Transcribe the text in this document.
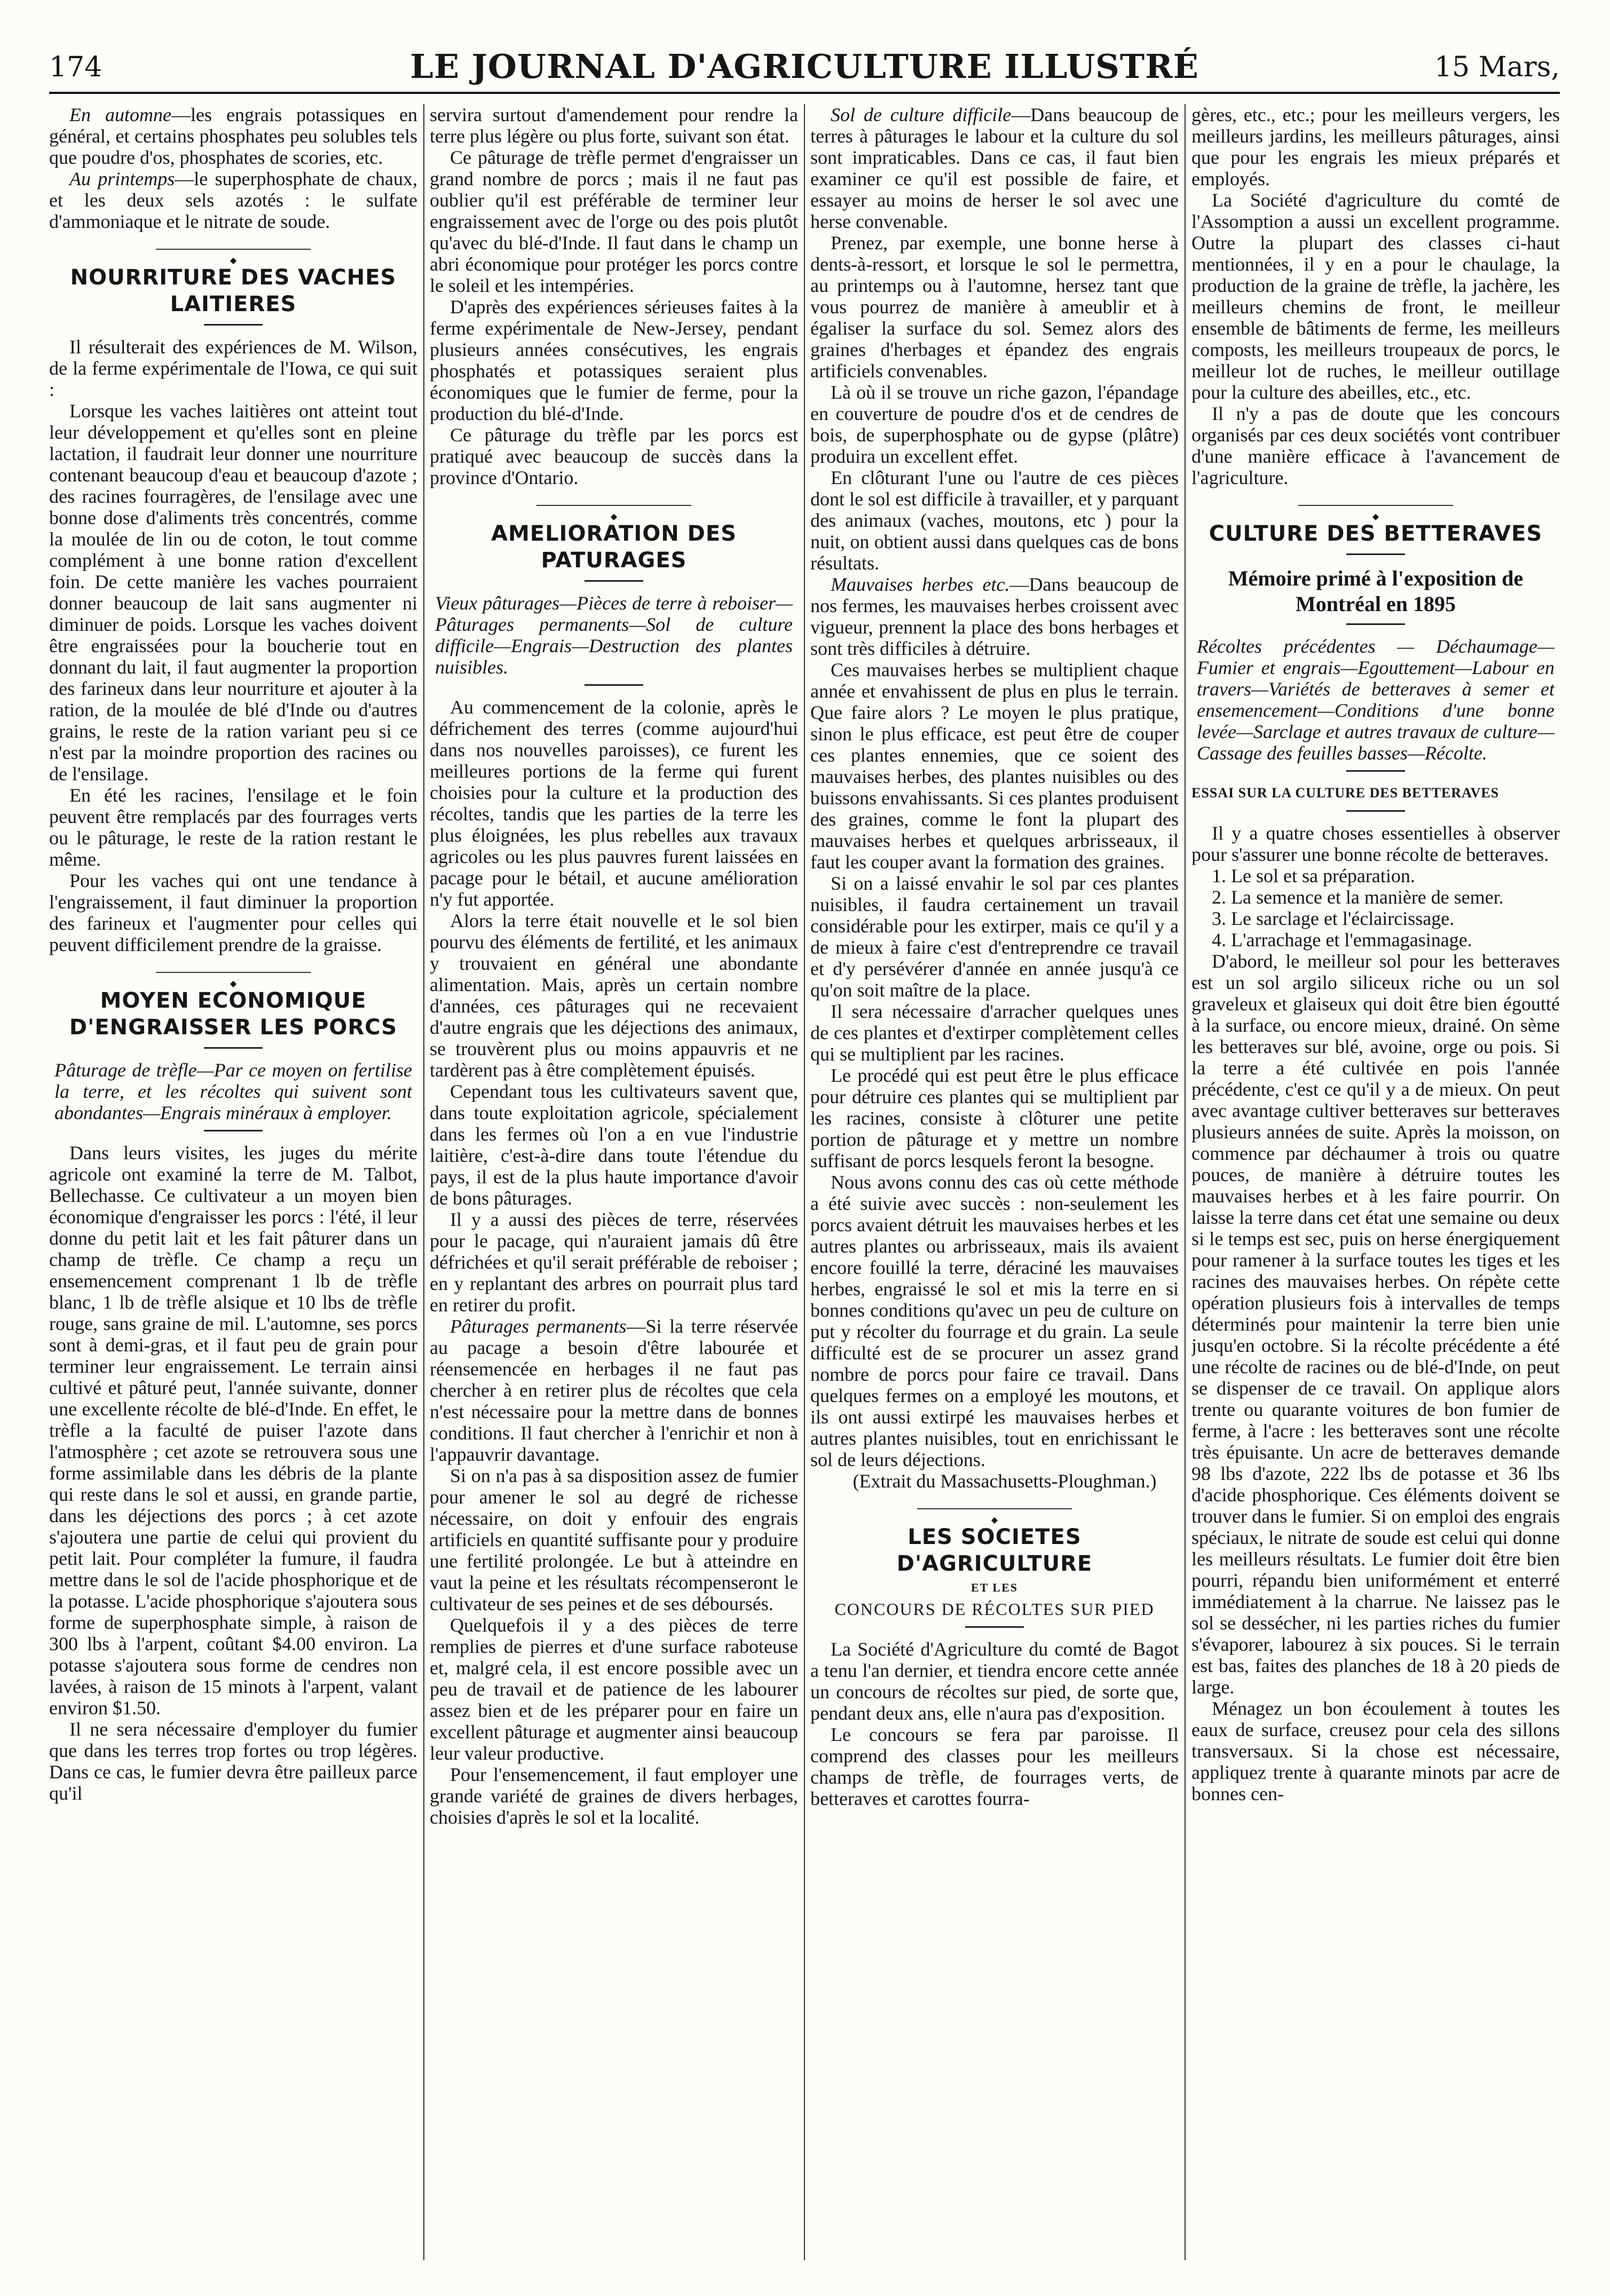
174	LE JOURNAL D'AGRICULTURE ILLUSTRÉ	15 Mars,

En automne—les engrais potassiques en général, et certains phosphates peu solubles tels que poudre d'os, phosphates de scories, etc.

Au printemps—le superphosphate de chaux, et les deux sels azotés : le sulfate d'ammoniaque et le nitrate de soude.

◆
NOURRITURE DES VACHES LAITIERES

Il résulterait des expériences de M. Wilson, de la ferme expérimentale de l'Iowa, ce qui suit :

Lorsque les vaches laitières ont atteint tout leur développement et qu'elles sont en pleine lactation, il faudrait leur donner une nourriture contenant beaucoup d'eau et beaucoup d'azote ; des racines fourragères, de l'ensilage avec une bonne dose d'aliments très concentrés, comme la moulée de lin ou de coton, le tout comme complément à une bonne ration d'excellent foin. De cette manière les vaches pourraient donner beaucoup de lait sans augmenter ni diminuer de poids. Lorsque les vaches doivent être engraissées pour la boucherie tout en donnant du lait, il faut augmenter la proportion des farineux dans leur nourriture et ajouter à la ration, de la moulée de blé d'Inde ou d'autres grains, le reste de la ration variant peu si ce n'est par la moindre proportion des racines ou de l'ensilage.

En été les racines, l'ensilage et le foin peuvent être remplacés par des fourrages verts ou le pâturage, le reste de la ration restant le même.

Pour les vaches qui ont une tendance à l'engraissement, il faut diminuer la proportion des farineux et l'augmenter pour celles qui peuvent difficilement prendre de la graisse.

◆
MOYEN ECONOMIQUE D'ENGRAISSER LES PORCS

Pâturage de trèfle—Par ce moyen on fertilise la terre, et les récoltes qui suivent sont abondantes—Engrais minéraux à employer.

Dans leurs visites, les juges du mérite agricole ont examiné la terre de M. Talbot, Bellechasse. Ce cultivateur a un moyen bien économique d'engraisser les porcs : l'été, il leur donne du petit lait et les fait pâturer dans un champ de trèfle. Ce champ a reçu un ensemencement comprenant 1 lb de trèfle blanc, 1 lb de trèfle alsique et 10 lbs de trèfle rouge, sans graine de mil. L'automne, ses porcs sont à demi-gras, et il faut peu de grain pour terminer leur engraissement. Le terrain ainsi cultivé et pâturé peut, l'année suivante, donner une excellente récolte de blé-d'Inde. En effet, le trèfle a la faculté de puiser l'azote dans l'atmosphère ; cet azote se retrouvera sous une forme assimilable dans les débris de la plante qui reste dans le sol et aussi, en grande partie, dans les déjections des porcs ; à cet azote s'ajoutera une partie de celui qui provient du petit lait. Pour compléter la fumure, il faudra mettre dans le sol de l'acide phosphorique et de la potasse. L'acide phosphorique s'ajoutera sous forme de superphosphate simple, à raison de 300 lbs à l'arpent, coûtant $4.00 environ. La potasse s'ajoutera sous forme de cendres non lavées, à raison de 15 minots à l'arpent, valant environ $1.50.

Il ne sera nécessaire d'employer du fumier que dans les terres trop fortes ou trop légères. Dans ce cas, le fumier devra être pailleux parce qu'il

servira surtout d'amendement pour rendre la terre plus légère ou plus forte, suivant son état.

Ce pâturage de trèfle permet d'engraisser un grand nombre de porcs ; mais il ne faut pas oublier qu'il est préférable de terminer leur engraissement avec de l'orge ou des pois plutôt qu'avec du blé-d'Inde. Il faut dans le champ un abri économique pour protéger les porcs contre le soleil et les intempéries.

D'après des expériences sérieuses faites à la ferme expérimentale de New-Jersey, pendant plusieurs années consécutives, les engrais phosphatés et potassiques seraient plus économiques que le fumier de ferme, pour la production du blé-d'Inde.

Ce pâturage du trèfle par les porcs est pratiqué avec beaucoup de succès dans la province d'Ontario.

◆
AMELIORATION DES PATURAGES

Vieux pâturages—Pièces de terre à reboiser—Pâturages permanents—Sol de culture difficile—Engrais—Destruction des plantes nuisibles.

Au commencement de la colonie, après le défrichement des terres (comme aujourd'hui dans nos nouvelles paroisses), ce furent les meilleures portions de la ferme qui furent choisies pour la culture et la production des récoltes, tandis que les parties de la terre les plus éloignées, les plus rebelles aux travaux agricoles ou les plus pauvres furent laissées en pacage pour le bétail, et aucune amélioration n'y fut apportée.

Alors la terre était nouvelle et le sol bien pourvu des éléments de fertilité, et les animaux y trouvaient en général une abondante alimentation. Mais, après un certain nombre d'années, ces pâturages qui ne recevaient d'autre engrais que les déjections des animaux, se trouvèrent plus ou moins appauvris et ne tardèrent pas à être complètement épuisés.

Cependant tous les cultivateurs savent que, dans toute exploitation agricole, spécialement dans les fermes où l'on a en vue l'industrie laitière, c'est-à-dire dans toute l'étendue du pays, il est de la plus haute importance d'avoir de bons pâturages.

Il y a aussi des pièces de terre, réservées pour le pacage, qui n'auraient jamais dû être défrichées et qu'il serait préférable de reboiser ; en y replantant des arbres on pourrait plus tard en retirer du profit.

Pâturages permanents—Si la terre réservée au pacage a besoin d'être labourée et réensemencée en herbages il ne faut pas chercher à en retirer plus de récoltes que cela n'est nécessaire pour la mettre dans de bonnes conditions. Il faut chercher à l'enrichir et non à l'appauvrir davantage.

Si on n'a pas à sa disposition assez de fumier pour amener le sol au degré de richesse nécessaire, on doit y enfouir des engrais artificiels en quantité suffisante pour y produire une fertilité prolongée. Le but à atteindre en vaut la peine et les résultats récompenseront le cultivateur de ses peines et de ses déboursés.

Quelquefois il y a des pièces de terre remplies de pierres et d'une surface raboteuse et, malgré cela, il est encore possible avec un peu de travail et de patience de les labourer assez bien et de les préparer pour en faire un excellent pâturage et augmenter ainsi beaucoup leur valeur productive.

Pour l'ensemencement, il faut employer une grande variété de graines de divers herbages, choisies d'après le sol et la localité.

Sol de culture difficile—Dans beaucoup de terres à pâturages le labour et la culture du sol sont impraticables. Dans ce cas, il faut bien examiner ce qu'il est possible de faire, et essayer au moins de herser le sol avec une herse convenable.

Prenez, par exemple, une bonne herse à dents-à-ressort, et lorsque le sol le permettra, au printemps ou à l'automne, hersez tant que vous pourrez de manière à ameublir et à égaliser la surface du sol. Semez alors des graines d'herbages et épandez des engrais artificiels convenables.

Là où il se trouve un riche gazon, l'épandage en couverture de poudre d'os et de cendres de bois, de superphosphate ou de gypse (plâtre) produira un excellent effet.

En clôturant l'une ou l'autre de ces pièces dont le sol est difficile à travailler, et y parquant des animaux (vaches, moutons, etc ) pour la nuit, on obtient aussi dans quelques cas de bons résultats.

Mauvaises herbes etc.—Dans beaucoup de nos fermes, les mauvaises herbes croissent avec vigueur, prennent la place des bons herbages et sont très difficiles à détruire.

Ces mauvaises herbes se multiplient chaque année et envahissent de plus en plus le terrain. Que faire alors ? Le moyen le plus pratique, sinon le plus efficace, est peut être de couper ces plantes ennemies, que ce soient des mauvaises herbes, des plantes nuisibles ou des buissons envahissants. Si ces plantes produisent des graines, comme le font la plupart des mauvaises herbes et quelques arbrisseaux, il faut les couper avant la formation des graines.

Si on a laissé envahir le sol par ces plantes nuisibles, il faudra certainement un travail considérable pour les extirper, mais ce qu'il y a de mieux à faire c'est d'entreprendre ce travail et d'y persévérer d'année en année jusqu'à ce qu'on soit maître de la place.

Il sera nécessaire d'arracher quelques unes de ces plantes et d'extirper complètement celles qui se multiplient par les racines.

Le procédé qui est peut être le plus efficace pour détruire ces plantes qui se multiplient par les racines, consiste à clôturer une petite portion de pâturage et y mettre un nombre suffisant de porcs lesquels feront la besogne.

Nous avons connu des cas où cette méthode a été suivie avec succès : non-seulement les porcs avaient détruit les mauvaises herbes et les autres plantes ou arbrisseaux, mais ils avaient encore fouillé la terre, déraciné les mauvaises herbes, engraissé le sol et mis la terre en si bonnes conditions qu'avec un peu de culture on put y récolter du fourrage et du grain. La seule difficulté est de se procurer un assez grand nombre de porcs pour faire ce travail. Dans quelques fermes on a employé les moutons, et ils ont aussi extirpé les mauvaises herbes et autres plantes nuisibles, tout en enrichissant le sol de leurs déjections.

(Extrait du Massachusetts-Ploughman.)

◆
LES SOCIETES D'AGRICULTURE
ET LES
CONCOURS DE RÉCOLTES SUR PIED

La Société d'Agriculture du comté de Bagot a tenu l'an dernier, et tiendra encore cette année un concours de récoltes sur pied, de sorte que, pendant deux ans, elle n'aura pas d'exposition.

Le concours se fera par paroisse. Il comprend des classes pour les meilleurs champs de trèfle, de fourrages verts, de betteraves et carottes fourra-

gères, etc., etc.; pour les meilleurs vergers, les meilleurs jardins, les meilleurs pâturages, ainsi que pour les engrais les mieux préparés et employés.

La Société d'agriculture du comté de l'Assomption a aussi un excellent programme. Outre la plupart des classes ci-haut mentionnées, il y en a pour le chaulage, la production de la graine de trèfle, la jachère, les meilleurs chemins de front, le meilleur ensemble de bâtiments de ferme, les meilleurs composts, les meilleurs troupeaux de porcs, le meilleur lot de ruches, le meilleur outillage pour la culture des abeilles, etc., etc.

Il n'y a pas de doute que les concours organisés par ces deux sociétés vont contribuer d'une manière efficace à l'avancement de l'agriculture.

◆
CULTURE DES BETTERAVES
Mémoire primé à l'exposition de Montréal en 1895

Récoltes précédentes — Déchaumage—Fumier et engrais—Egouttement—Labour en travers—Variétés de betteraves à semer et ensemencement—Conditions d'une bonne levée—Sarclage et autres travaux de culture—Cassage des feuilles basses—Récolte.

ESSAI SUR LA CULTURE DES BETTERAVES

Il y a quatre choses essentielles à observer pour s'assurer une bonne récolte de betteraves.

1. Le sol et sa préparation.

2. La semence et la manière de semer.

3. Le sarclage et l'éclaircissage.

4. L'arrachage et l'emmagasinage.

D'abord, le meilleur sol pour les betteraves est un sol argilo siliceux riche ou un sol graveleux et glaiseux qui doit être bien égoutté à la surface, ou encore mieux, drainé. On sème les betteraves sur blé, avoine, orge ou pois. Si la terre a été cultivée en pois l'année précédente, c'est ce qu'il y a de mieux. On peut avec avantage cultiver betteraves sur betteraves plusieurs années de suite. Après la moisson, on commence par déchaumer à trois ou quatre pouces, de manière à détruire toutes les mauvaises herbes et à les faire pourrir. On laisse la terre dans cet état une semaine ou deux si le temps est sec, puis on herse énergiquement pour ramener à la surface toutes les tiges et les racines des mauvaises herbes. On répète cette opération plusieurs fois à intervalles de temps déterminés pour maintenir la terre bien unie jusqu'en octobre. Si la récolte précédente a été une récolte de racines ou de blé-d'Inde, on peut se dispenser de ce travail. On applique alors trente ou quarante voitures de bon fumier de ferme, à l'acre : les betteraves sont une récolte très épuisante. Un acre de betteraves demande 98 lbs d'azote, 222 lbs de potasse et 36 lbs d'acide phosphorique. Ces éléments doivent se trouver dans le fumier. Si on emploi des engrais spéciaux, le nitrate de soude est celui qui donne les meilleurs résultats. Le fumier doit être bien pourri, répandu bien uniformément et enterré immédiatement à la charrue. Ne laissez pas le sol se dessécher, ni les parties riches du fumier s'évaporer, labourez à six pouces. Si le terrain est bas, faites des planches de 18 à 20 pieds de large.

Ménagez un bon écoulement à toutes les eaux de surface, creusez pour cela des sillons transversaux. Si la chose est nécessaire, appliquez trente à quarante minots par acre de bonnes cen-
